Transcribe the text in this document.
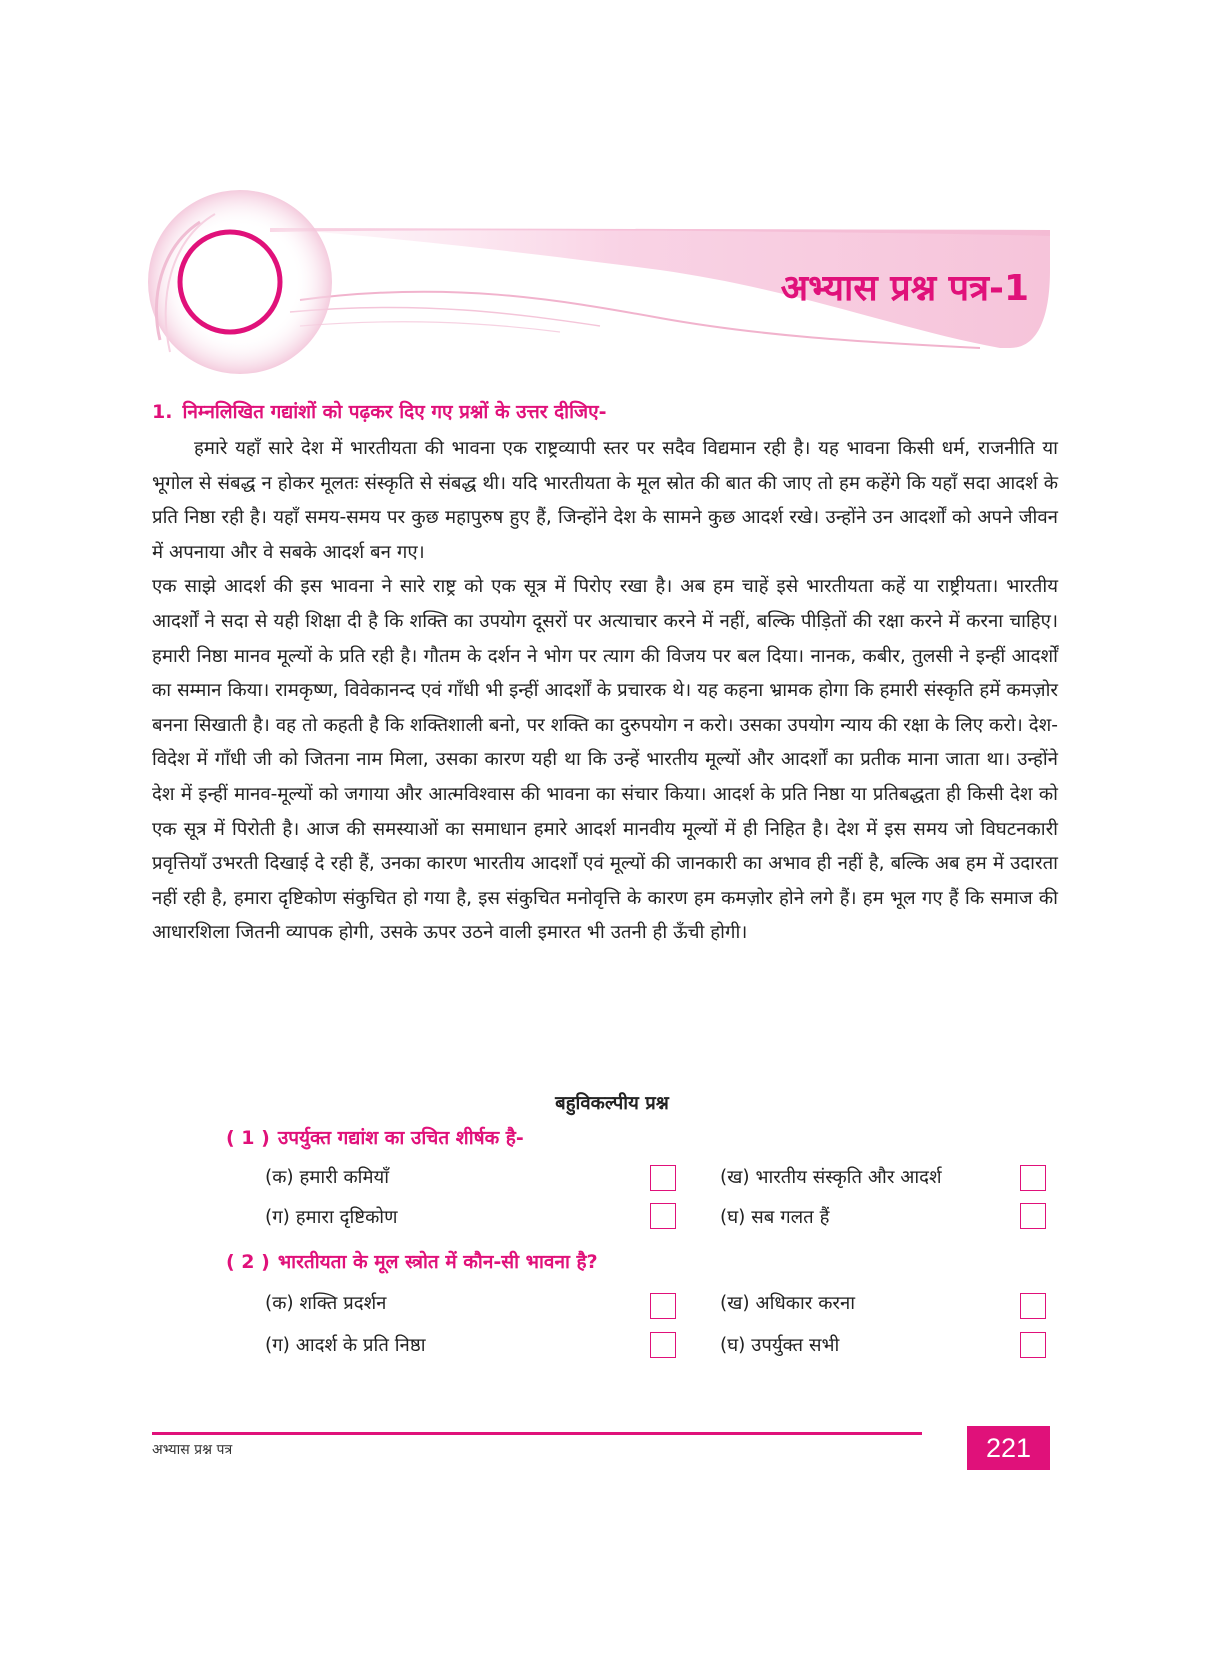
अभ्यास प्रश्न पत्र-1
1. निम्नलिखित गद्यांशों को पढ़कर दिए गए प्रश्नों के उत्तर दीजिए-

हमारे यहाँ सारे देश में भारतीयता की भावना एक राष्ट्रव्यापी स्तर पर सदैव विद्यमान रही है। यह भावना किसी धर्म, राजनीति या भूगोल से संबद्ध न होकर मूलतः संस्कृति से संबद्ध थी। यदि भारतीयता के मूल स्रोत की बात की जाए तो हम कहेंगे कि यहाँ सदा आदर्श के प्रति निष्ठा रही है। यहाँ समय-समय पर कुछ महापुरुष हुए हैं, जिन्होंने देश के सामने कुछ आदर्श रखे। उन्होंने उन आदर्शों को अपने जीवन में अपनाया और वे सबके आदर्श बन गए।

एक साझे आदर्श की इस भावना ने सारे राष्ट्र को एक सूत्र में पिरोए रखा है। अब हम चाहें इसे भारतीयता कहें या राष्ट्रीयता। भारतीय आदर्शों ने सदा से यही शिक्षा दी है कि शक्ति का उपयोग दूसरों पर अत्याचार करने में नहीं, बल्कि पीड़ितों की रक्षा करने में करना चाहिए। हमारी निष्ठा मानव मूल्यों के प्रति रही है। गौतम के दर्शन ने भोग पर त्याग की विजय पर बल दिया। नानक, कबीर, तुलसी ने इन्हीं आदर्शों का सम्मान किया। रामकृष्ण, विवेकानन्द एवं गाँधी भी इन्हीं आदर्शों के प्रचारक थे। यह कहना भ्रामक होगा कि हमारी संस्कृति हमें कमज़ोर बनना सिखाती है। वह तो कहती है कि शक्तिशाली बनो, पर शक्ति का दुरुपयोग न करो। उसका उपयोग न्याय की रक्षा के लिए करो। देश-विदेश में गाँधी जी को जितना नाम मिला, उसका कारण यही था कि उन्हें भारतीय मूल्यों और आदर्शों का प्रतीक माना जाता था। उन्होंने देश में इन्हीं मानव-मूल्यों को जगाया और आत्मविश्वास की भावना का संचार किया। आदर्श के प्रति निष्ठा या प्रतिबद्धता ही किसी देश को एक सूत्र में पिरोती है। आज की समस्याओं का समाधान हमारे आदर्श मानवीय मूल्यों में ही निहित है। देश में इस समय जो विघटनकारी प्रवृत्तियाँ उभरती दिखाई दे रही हैं, उनका कारण भारतीय आदर्शों एवं मूल्यों की जानकारी का अभाव ही नहीं है, बल्कि अब हम में उदारता नहीं रही है, हमारा दृष्टिकोण संकुचित हो गया है, इस संकुचित मनोवृत्ति के कारण हम कमज़ोर होने लगे हैं। हम भूल गए हैं कि समाज की आधारशिला जितनी व्यापक होगी, उसके ऊपर उठने वाली इमारत भी उतनी ही ऊँची होगी।

बहुविकल्पीय प्रश्न
( 1 ) उपर्युक्त गद्यांश का उचित शीर्षक है-
(क) हमारी कमियाँ	(ख) भारतीय संस्कृति और आदर्श
(ग) हमारा दृष्टिकोण	(घ) सब गलत हैं
( 2 ) भारतीयता के मूल स्त्रोत में कौन-सी भावना है?
(क) शक्ति प्रदर्शन	(ख) अधिकार करना
(ग) आदर्श के प्रति निष्ठा	(घ) उपर्युक्त सभी
अभ्यास प्रश्न पत्र	221
